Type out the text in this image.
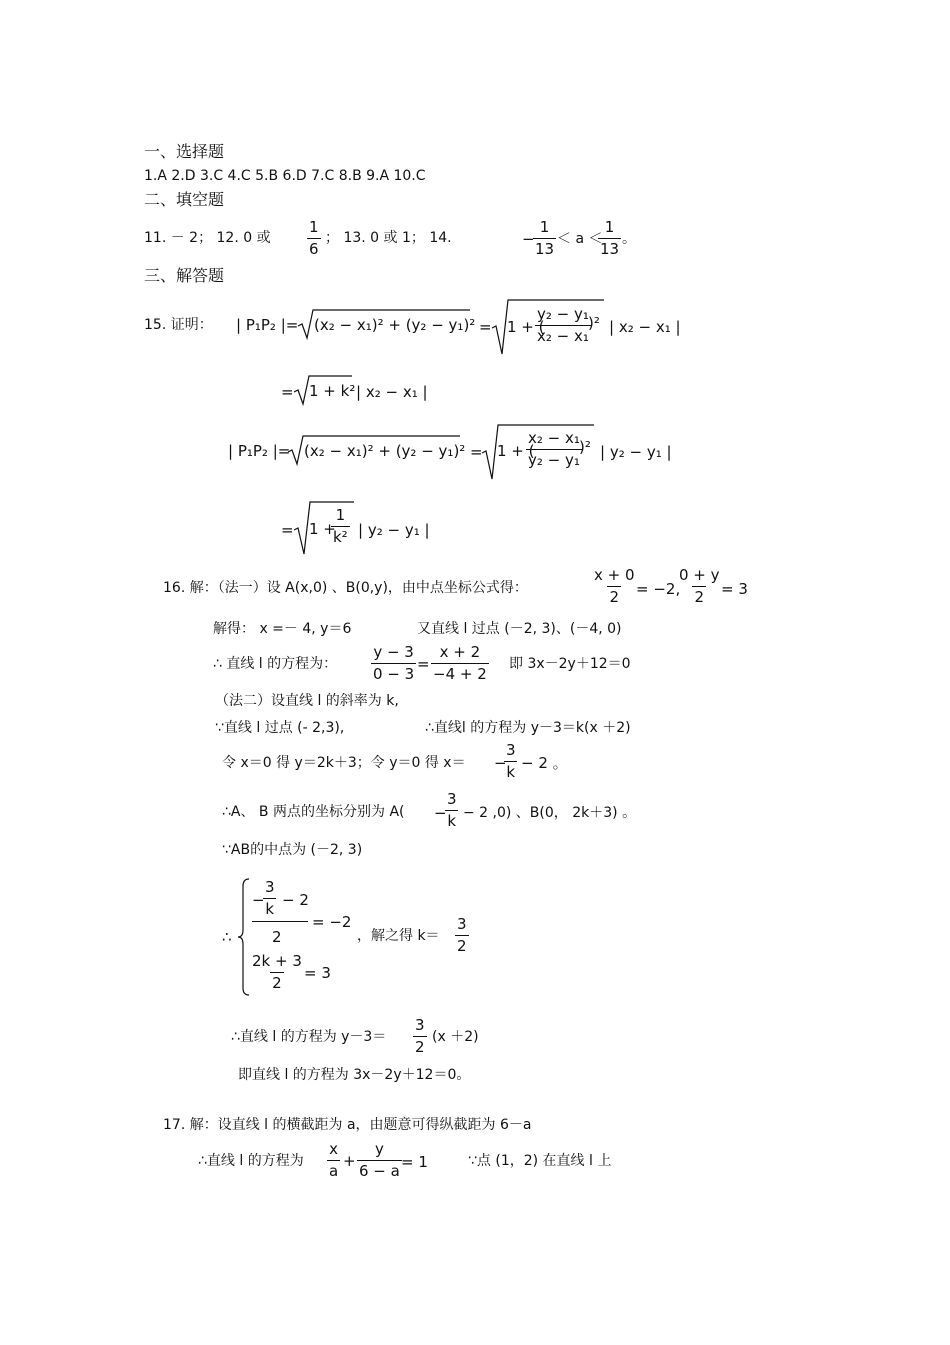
一、选择题
1.A 2.D 3.C 4.C 5.B 6.D 7.C 8.B 9.A 10.C
二、填空题
11. － 2； 12. 0 或 $\frac{1}{6}$ ； 13. 0 或 1； 14.	−
$\frac{1}{13} < a$ ＜
$\frac{1}{13}$ 。
三、解答题
15. 证明： | P₁P₂ |= (x₂ − x₁)² + (y₂ − y₁)² = 1 + (
$\frac{\text{y₂ − y₁}}{\text{x₂ − x₁}}$
)² | x₂ − x₁ |
= 1 + k² | x₂ − x₁ |
| P₁P₂ |= (x₂ − x₁)² + (y₂ − y₁)² = 1 + (
$\frac{\text{x₂ − x₁}}{\text{y₂ − y₁}}$
)² | y₂ − y₁ |
= 1 +
$\frac{1}{\text{k²}}$ | y₂ − y₁ |
16. 解：（法一）设 A(x,0) 、B(0,y)，由中点坐标公式得：	$\frac{x + 0}{2} = -2$,
$\frac{0 + y}{2} = 3$
解得： x =－ 4, y＝6	又直线 l 过点 (－2, 3)、(－4, 0)
∴ 直线 l 的方程为： $\frac{y - 3}{0 - 3} = \frac{x + 2}{-4 + 2}$ 即 3x－2y＋12＝0
（法二）设直线 l 的斜率为 k,
∵直线 l 过点 (- 2,3),	∴直线l 的方程为 y－3＝k(x ＋2)
令 x＝0 得 y＝2k＋3；令 y＝0 得 x＝ −
$\frac{3}{k} - 2$ 。
∴A、 B 两点的坐标分别为 A( −
$\frac{3}{k} - 2$ ,0) 、B(0， 2k＋3) 。
∵AB的中点为 (－2, 3)
∴
−
$\frac{3}{k} - 2$
2
= −2
$\frac{2k + 3}{2} = 3$
，解之得 $k= \frac{3}{2}$
∴直线 l 的方程为 $y-3= \frac{3}{2} (x +2)$
即直线 l 的方程为 3x－2y＋12＝0。
17. 解：设直线 l 的横截距为 a，由题意可得纵截距为 6－a
∴直线 l 的方程为 $\frac{x}{a} + \frac{y}{6 - a} = 1$	∵点 (1，2) 在直线 l 上
